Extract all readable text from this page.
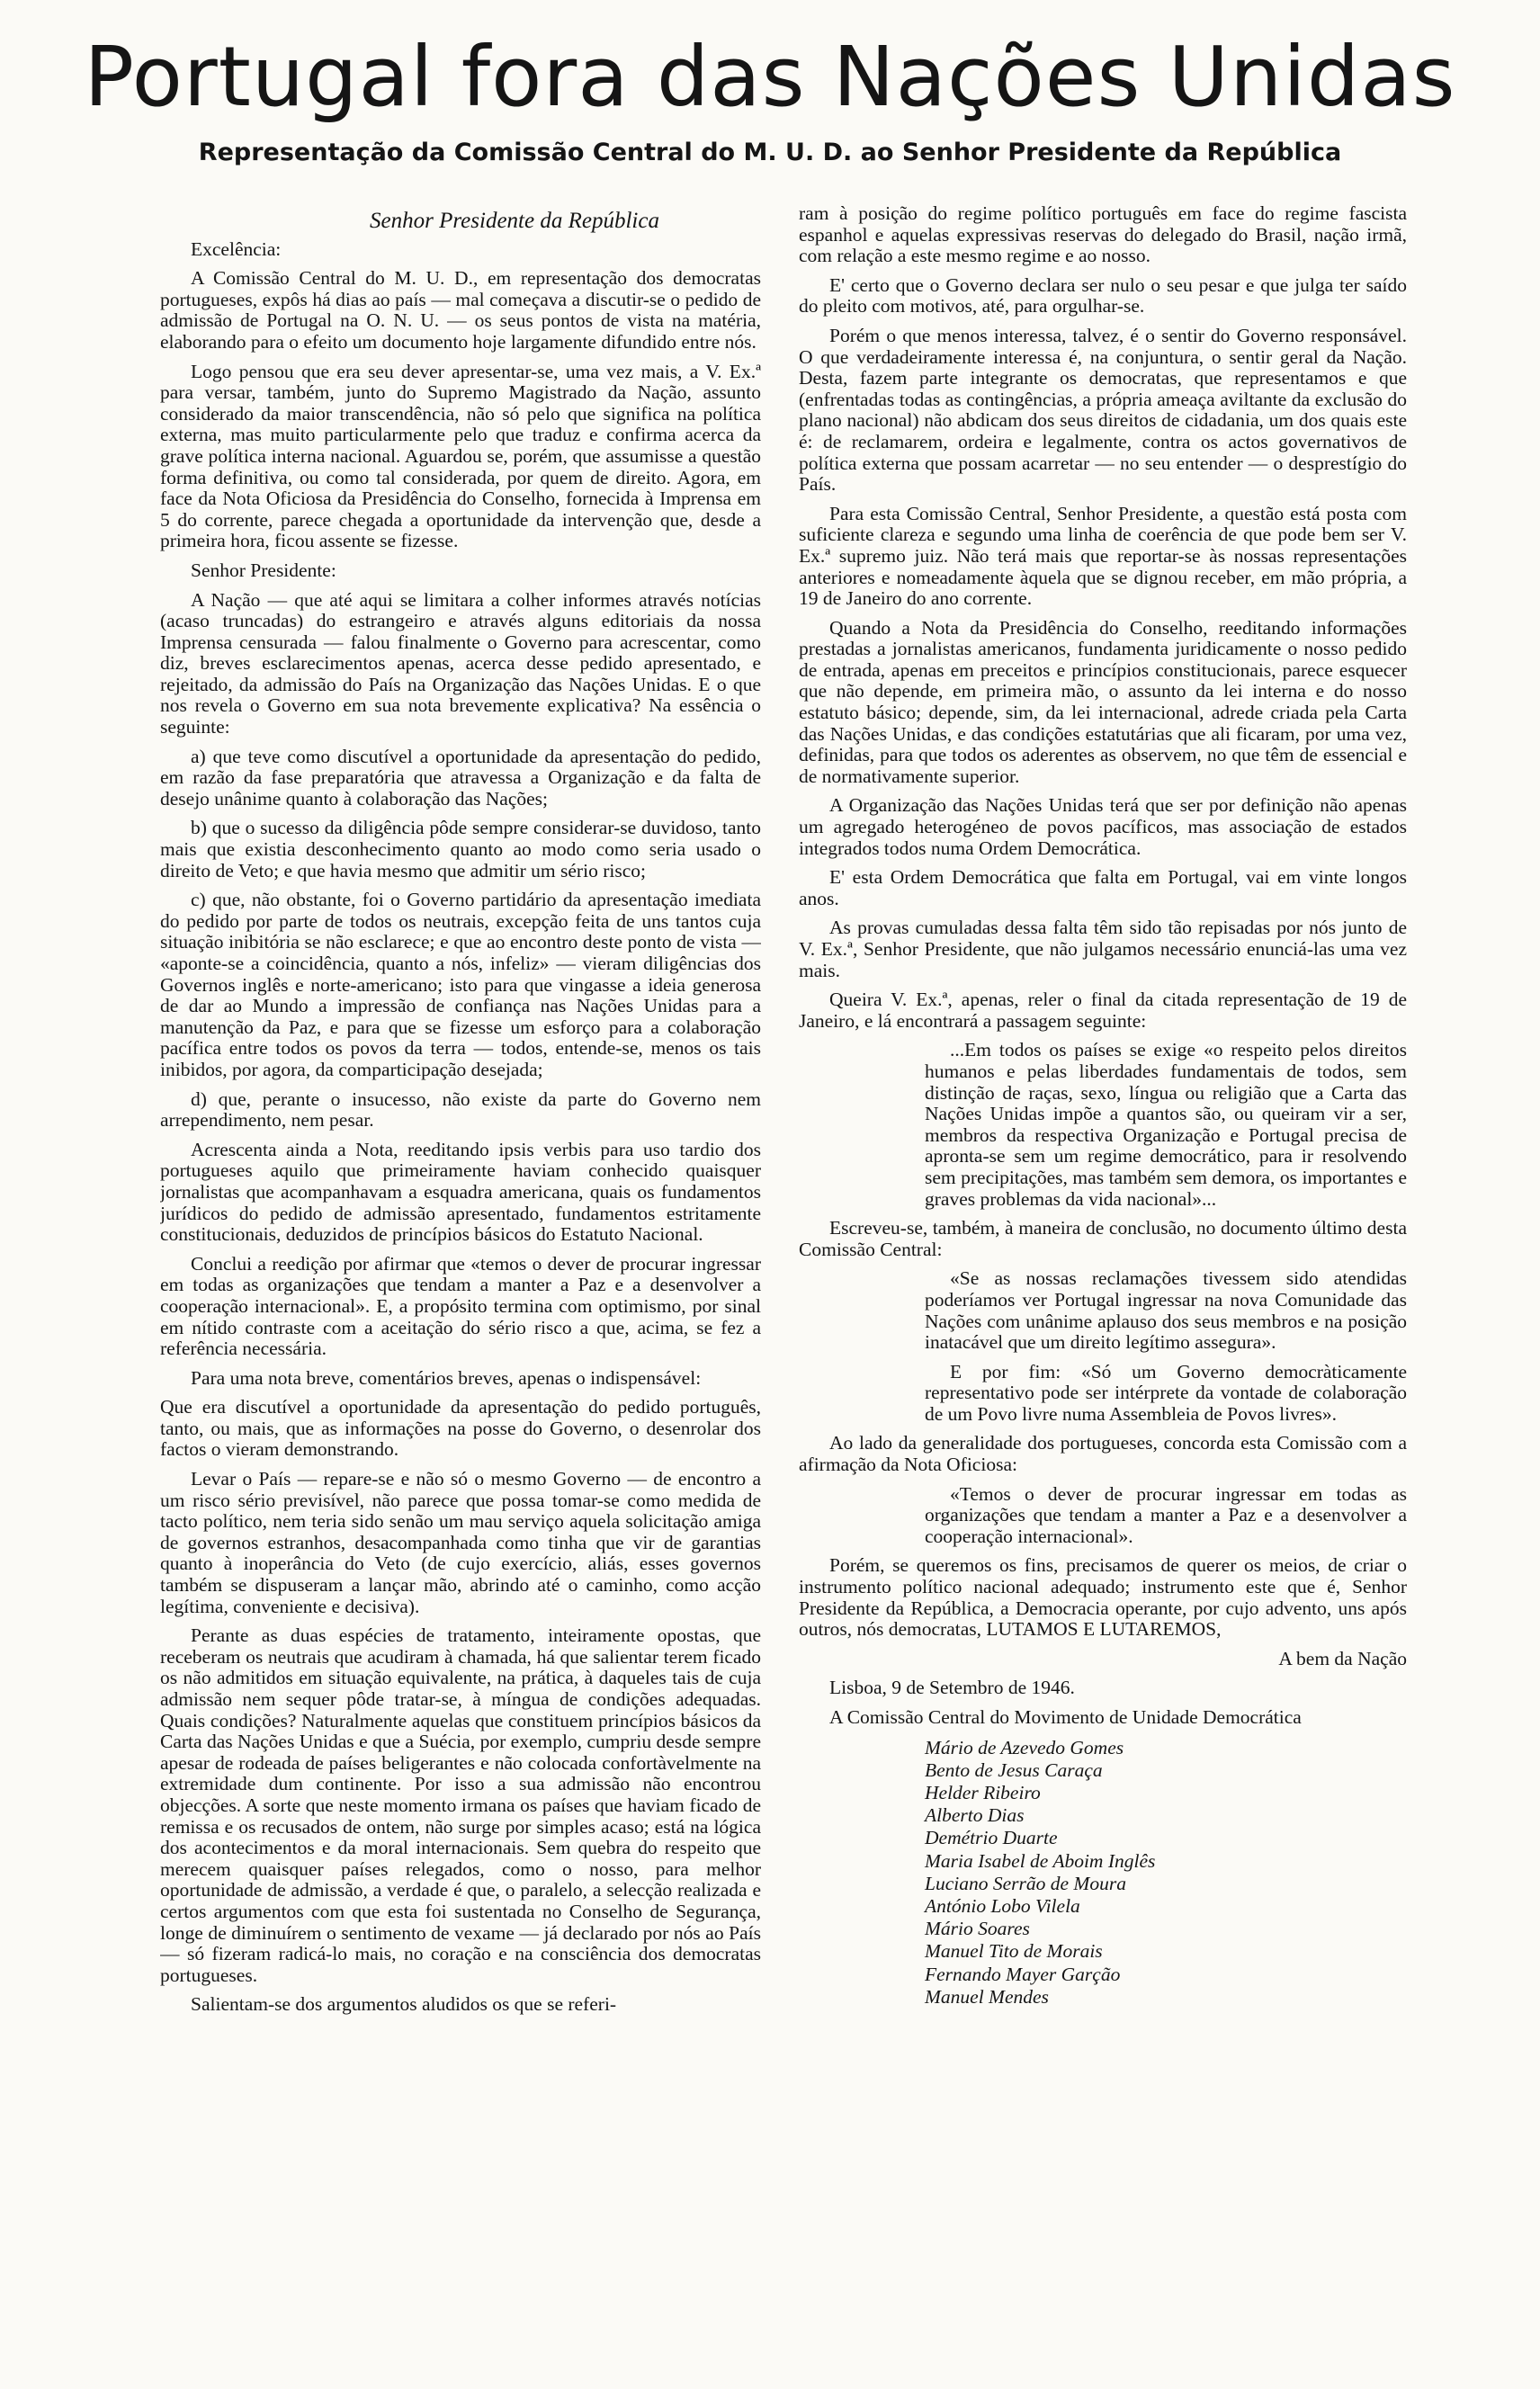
Portugal fora das Nações Unidas
Representação da Comissão Central do M. U. D. ao Senhor Presidente da República
Senhor Presidente da República

Excelência:

A Comissão Central do M. U. D., em representação dos democratas portugueses, expôs há dias ao país — mal começava a discutir-se o pedido de admissão de Portugal na O. N. U. — os seus pontos de vista na matéria, elaborando para o efeito um documento hoje largamente difundido entre nós.

Logo pensou que era seu dever apresentar-se, uma vez mais, a V. Ex.ª para versar, também, junto do Supremo Magistrado da Nação, assunto considerado da maior transcendência, não só pelo que significa na política externa, mas muito particularmente pelo que traduz e confirma acerca da grave política interna nacional. Aguardou se, porém, que assumisse a questão forma definitiva, ou como tal considerada, por quem de direito. Agora, em face da Nota Oficiosa da Presidência do Conselho, fornecida à Imprensa em 5 do corrente, parece chegada a oportunidade da intervenção que, desde a primeira hora, ficou assente se fizesse.

Senhor Presidente:

A Nação — que até aqui se limitara a colher informes através notícias (acaso truncadas) do estrangeiro e através alguns editoriais da nossa Imprensa censurada — falou finalmente o Governo para acrescentar, como diz, breves esclarecimentos apenas, acerca desse pedido apresentado, e rejeitado, da admissão do País na Organização das Nações Unidas. E o que nos revela o Governo em sua nota brevemente explicativa? Na essência o seguinte:

a) que teve como discutível a oportunidade da apresentação do pedido, em razão da fase preparatória que atravessa a Organização e da falta de desejo unânime quanto à colaboração das Nações;

b) que o sucesso da diligência pôde sempre considerar-se duvidoso, tanto mais que existia desconhecimento quanto ao modo como seria usado o direito de Veto; e que havia mesmo que admitir um sério risco;

c) que, não obstante, foi o Governo partidário da apresentação imediata do pedido por parte de todos os neutrais, excepção feita de uns tantos cuja situação inibitória se não esclarece; e que ao encontro deste ponto de vista — «aponte-se a coincidência, quanto a nós, infeliz» — vieram diligências dos Governos inglês e norte-americano; isto para que vingasse a ideia generosa de dar ao Mundo a impressão de confiança nas Nações Unidas para a manutenção da Paz, e para que se fizesse um esforço para a colaboração pacífica entre todos os povos da terra — todos, entende-se, menos os tais inibidos, por agora, da comparticipação desejada;

d) que, perante o insucesso, não existe da parte do Governo nem arrependimento, nem pesar.

Acrescenta ainda a Nota, reeditando ipsis verbis para uso tardio dos portugueses aquilo que primeiramente haviam conhecido quaisquer jornalistas que acompanhavam a esquadra americana, quais os fundamentos jurídicos do pedido de admissão apresentado, fundamentos estritamente constitucionais, deduzidos de princípios básicos do Estatuto Nacional.

Conclui a reedição por afirmar que «temos o dever de procurar ingressar em todas as organizações que tendam a manter a Paz e a desenvolver a cooperação internacional». E, a propósito termina com optimismo, por sinal em nítido contraste com a aceitação do sério risco a que, acima, se fez a referência necessária.

Para uma nota breve, comentários breves, apenas o indispensável:

Que era discutível a oportunidade da apresentação do pedido português, tanto, ou mais, que as informações na posse do Governo, o desenrolar dos factos o vieram demonstrando.

Levar o País — repare-se e não só o mesmo Governo — de encontro a um risco sério previsível, não parece que possa tomar-se como medida de tacto político, nem teria sido senão um mau serviço aquela solicitação amiga de governos estranhos, desacompanhada como tinha que vir de garantias quanto à inoperância do Veto (de cujo exercício, aliás, esses governos também se dispuseram a lançar mão, abrindo até o caminho, como acção legítima, conveniente e decisiva).

Perante as duas espécies de tratamento, inteiramente opostas, que receberam os neutrais que acudiram à chamada, há que salientar terem ficado os não admitidos em situação equivalente, na prática, à daqueles tais de cuja admissão nem sequer pôde tratar-se, à míngua de condições adequadas. Quais condições? Naturalmente aquelas que constituem princípios básicos da Carta das Nações Unidas e que a Suécia, por exemplo, cumpriu desde sempre apesar de rodeada de países beligerantes e não colocada confortàvelmente na extremidade dum continente. Por isso a sua admissão não encontrou objecções. A sorte que neste momento irmana os países que haviam ficado de remissa e os recusados de ontem, não surge por simples acaso; está na lógica dos acontecimentos e da moral internacionais. Sem quebra do respeito que merecem quaisquer países relegados, como o nosso, para melhor oportunidade de admissão, a verdade é que, o paralelo, a selecção realizada e certos argumentos com que esta foi sustentada no Conselho de Segurança, longe de diminuírem o sentimento de vexame — já declarado por nós ao País — só fizeram radicá-lo mais, no coração e na consciência dos democratas portugueses.

Salientam-se dos argumentos aludidos os que se referi-

ram à posição do regime político português em face do regime fascista espanhol e aquelas expressivas reservas do delegado do Brasil, nação irmã, com relação a este mesmo regime e ao nosso.

E' certo que o Governo declara ser nulo o seu pesar e que julga ter saído do pleito com motivos, até, para orgulhar-se.

Porém o que menos interessa, talvez, é o sentir do Governo responsável. O que verdadeiramente interessa é, na conjuntura, o sentir geral da Nação. Desta, fazem parte integrante os democratas, que representamos e que (enfrentadas todas as contingências, a própria ameaça aviltante da exclusão do plano nacional) não abdicam dos seus direitos de cidadania, um dos quais este é: de reclamarem, ordeira e legalmente, contra os actos governativos de política externa que possam acarretar — no seu entender — o desprestígio do País.

Para esta Comissão Central, Senhor Presidente, a questão está posta com suficiente clareza e segundo uma linha de coerência de que pode bem ser V. Ex.ª supremo juiz. Não terá mais que reportar-se às nossas representações anteriores e nomeadamente àquela que se dignou receber, em mão própria, a 19 de Janeiro do ano corrente.

Quando a Nota da Presidência do Conselho, reeditando informações prestadas a jornalistas americanos, fundamenta juridicamente o nosso pedido de entrada, apenas em preceitos e princípios constitucionais, parece esquecer que não depende, em primeira mão, o assunto da lei interna e do nosso estatuto básico; depende, sim, da lei internacional, adrede criada pela Carta das Nações Unidas, e das condições estatutárias que ali ficaram, por uma vez, definidas, para que todos os aderentes as observem, no que têm de essencial e de normativamente superior.

A Organização das Nações Unidas terá que ser por definição não apenas um agregado heterogéneo de povos pacíficos, mas associação de estados integrados todos numa Ordem Democrática.

E' esta Ordem Democrática que falta em Portugal, vai em vinte longos anos.

As provas cumuladas dessa falta têm sido tão repisadas por nós junto de V. Ex.ª, Senhor Presidente, que não julgamos necessário enunciá-las uma vez mais.

Queira V. Ex.ª, apenas, reler o final da citada representação de 19 de Janeiro, e lá encontrará a passagem seguinte:

...Em todos os países se exige «o respeito pelos direitos humanos e pelas liberdades fundamentais de todos, sem distinção de raças, sexo, língua ou religião que a Carta das Nações Unidas impõe a quantos são, ou queiram vir a ser, membros da respectiva Organização e Portugal precisa de apronta-se sem um regime democrático, para ir resolvendo sem precipitações, mas também sem demora, os importantes e graves problemas da vida nacional»...

Escreveu-se, também, à maneira de conclusão, no documento último desta Comissão Central:

«Se as nossas reclamações tivessem sido atendidas poderíamos ver Portugal ingressar na nova Comunidade das Nações com unânime aplauso dos seus membros e na posição inatacável que um direito legítimo assegura».

E por fim: «Só um Governo democràticamente representativo pode ser intérprete da vontade de colaboração de um Povo livre numa Assembleia de Povos livres».

Ao lado da generalidade dos portugueses, concorda esta Comissão com a afirmação da Nota Oficiosa:

«Temos o dever de procurar ingressar em todas as organizações que tendam a manter a Paz e a desenvolver a cooperação internacional».

Porém, se queremos os fins, precisamos de querer os meios, de criar o instrumento político nacional adequado; instrumento este que é, Senhor Presidente da República, a Democracia operante, por cujo advento, uns após outros, nós democratas, LUTAMOS E LUTAREMOS,

A bem da Nação

Lisboa, 9 de Setembro de 1946.

A Comissão Central do Movimento de Unidade Democrática

Mário de Azevedo Gomes
Bento de Jesus Caraça
Helder Ribeiro
Alberto Dias
Demétrio Duarte
Maria Isabel de Aboim Inglês
Luciano Serrão de Moura
António Lobo Vilela
Mário Soares
Manuel Tito de Morais
Fernando Mayer Garção
Manuel Mendes
